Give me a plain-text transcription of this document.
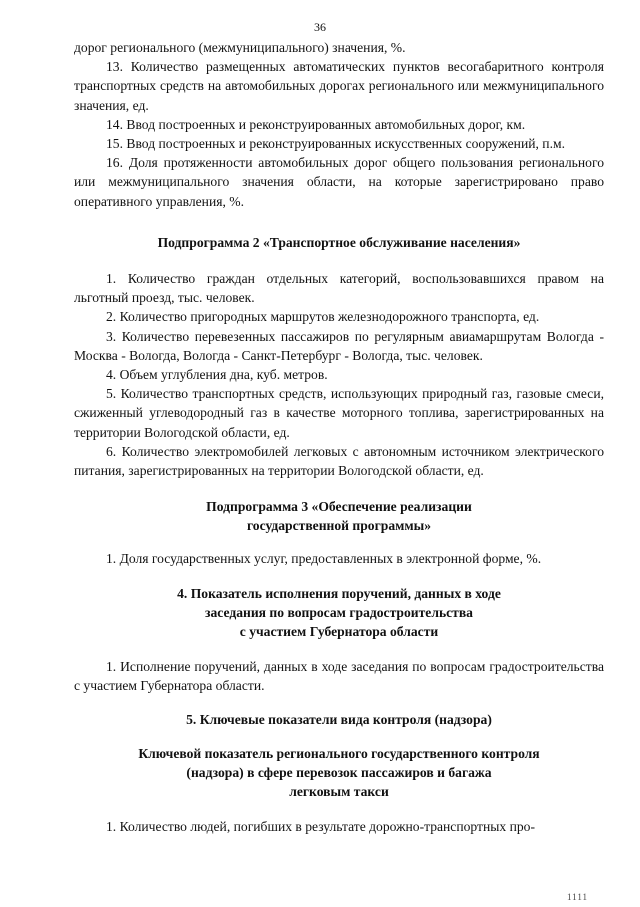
36

дорог регионального (межмуниципального) значения, %.

13. Количество размещенных автоматических пунктов весогабаритного контроля транспортных средств на автомобильных дорогах регионального или межмуниципального значения, ед.

14. Ввод построенных и реконструированных автомобильных дорог, км.

15. Ввод построенных и реконструированных искусственных сооружений, п.м.

16. Доля протяженности автомобильных дорог общего пользования регионального или межмуниципального значения области, на которые зарегистрировано право оперативного управления, %.

Подпрограмма 2 «Транспортное обслуживание населения»

1. Количество граждан отдельных категорий, воспользовавшихся правом на льготный проезд, тыс. человек.

2. Количество пригородных маршрутов железнодорожного транспорта, ед.

3. Количество перевезенных пассажиров по регулярным авиамаршрутам Вологда - Москва - Вологда, Вологда - Санкт-Петербург - Вологда, тыс. человек.

4. Объем углубления дна, куб. метров.

5. Количество транспортных средств, использующих природный газ, газовые смеси, сжиженный углеводородный газ в качестве моторного топлива, зарегистрированных на территории Вологодской области, ед.

6. Количество электромобилей легковых с автономным источником электрического питания, зарегистрированных на территории Вологодской области, ед.

Подпрограмма 3 «Обеспечение реализации
государственной программы»

1. Доля государственных услуг, предоставленных в электронной форме, %.

4. Показатель исполнения поручений, данных в ходе
заседания по вопросам градостроительства
с участием Губернатора области

1. Исполнение поручений, данных в ходе заседания по вопросам градостроительства с участием Губернатора области.

5. Ключевые показатели вида контроля (надзора)

Ключевой показатель регионального государственного контроля
(надзора) в сфере перевозок пассажиров и багажа
легковым такси

1. Количество людей, погибших в результате дорожно-транспортных про-

1111
